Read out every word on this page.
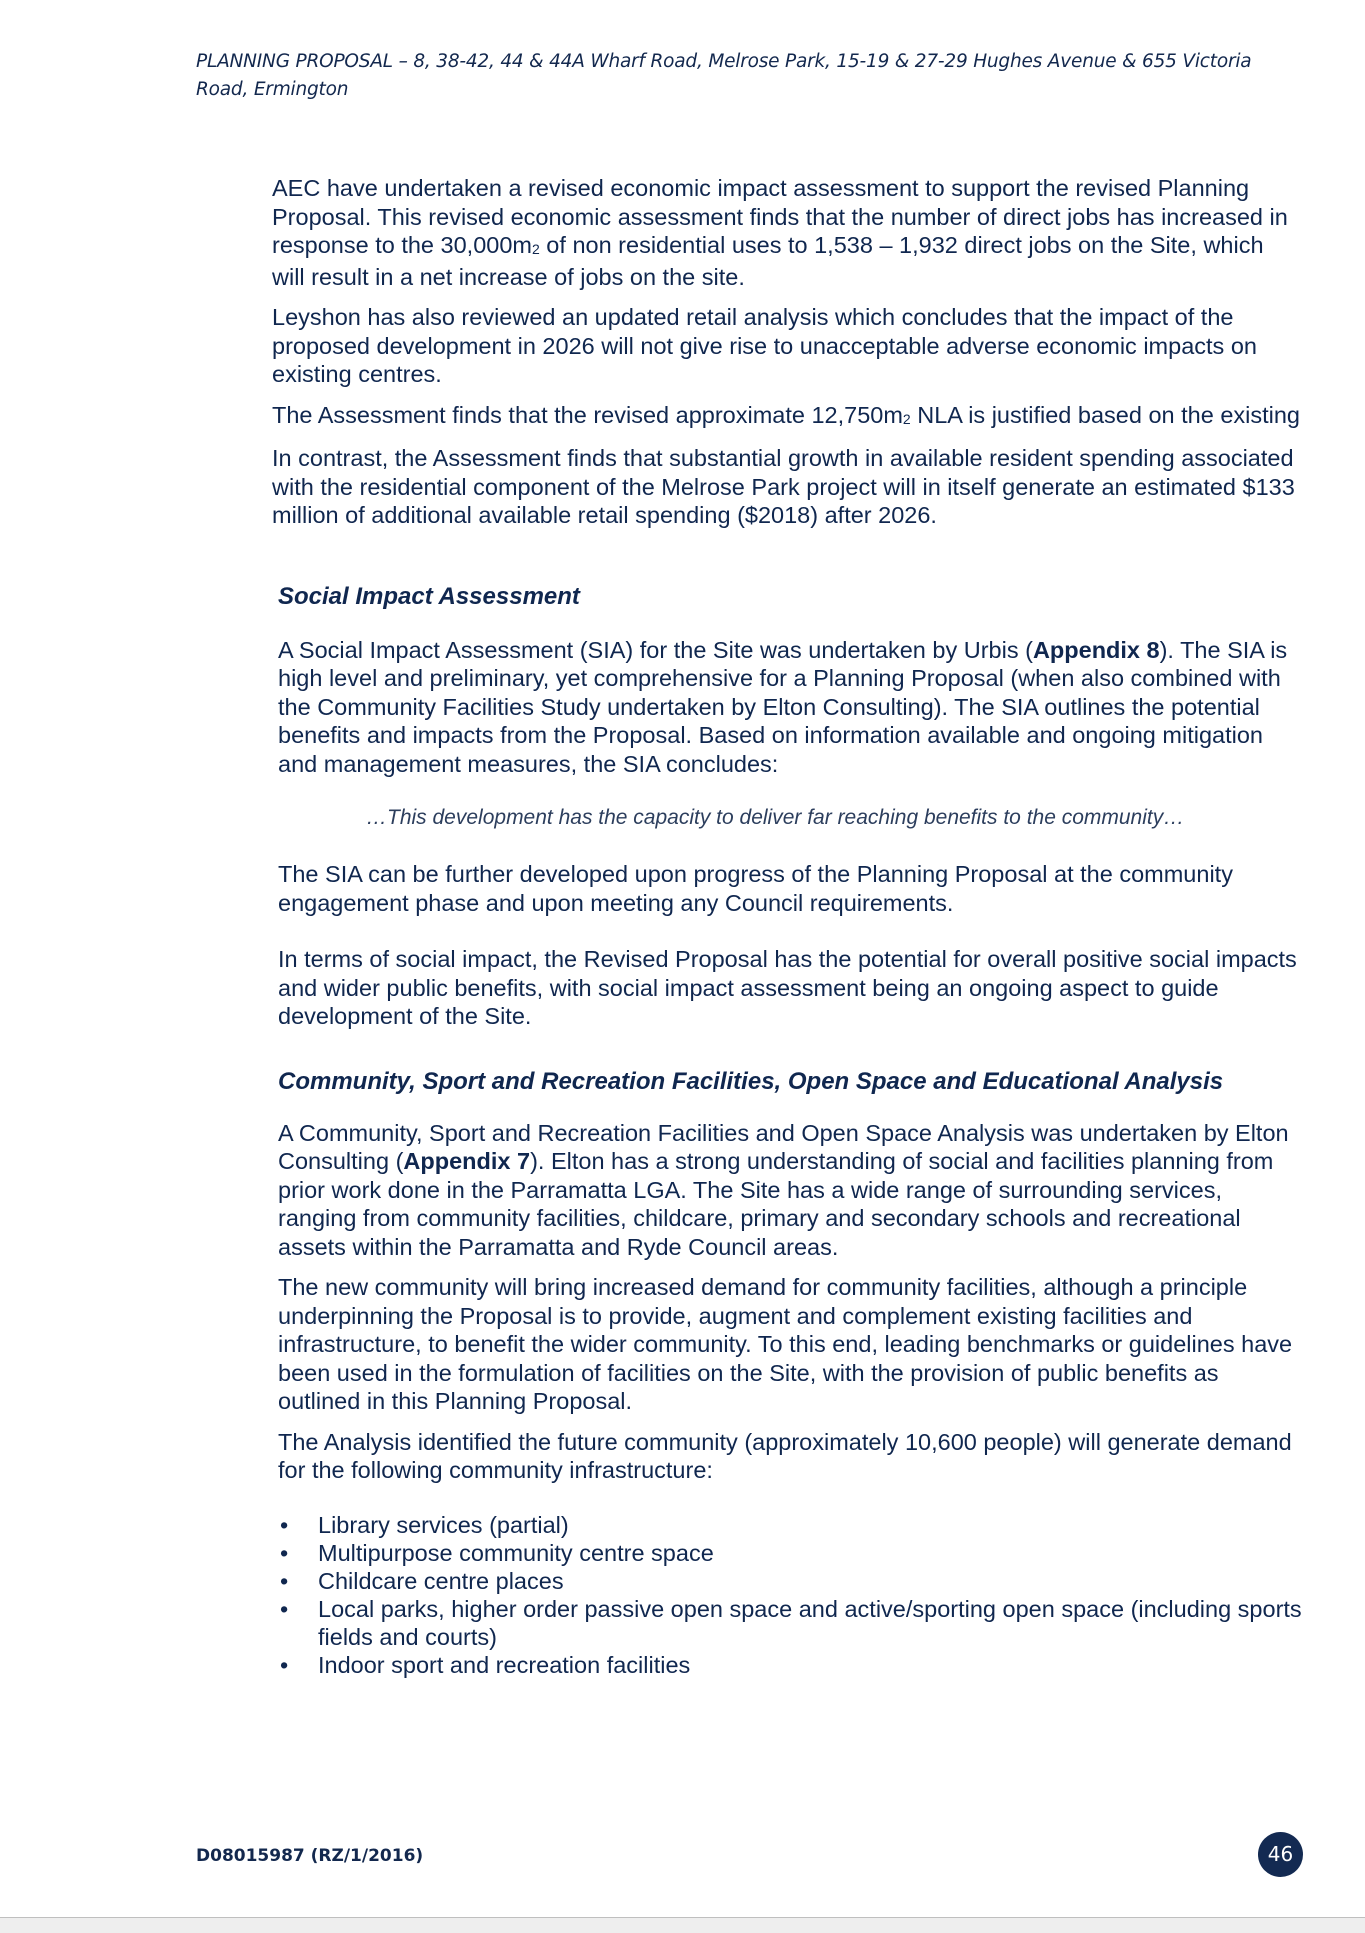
PLANNING PROPOSAL – 8, 38-42, 44 & 44A Wharf Road, Melrose Park, 15-19 & 27-29 Hughes Avenue & 655 Victoria Road, Ermington

AEC have undertaken a revised economic impact assessment to support the revised Planning Proposal. This revised economic assessment finds that the number of direct jobs has increased in response to the $30,000m^2$ of non residential uses to 1,538 – 1,932 direct jobs on the Site, which will result in a net increase of jobs on the site.

Leyshon has also reviewed an updated retail analysis which concludes that the impact of the proposed development in 2026 will not give rise to unacceptable adverse economic impacts on existing centres.

The Assessment finds that the revised approximate $12,750m^2$ NLA is justified based on the existing

In contrast, the Assessment finds that substantial growth in available resident spending associated with the residential component of the Melrose Park project will in itself generate an estimated $133 million of additional available retail spending ($2018) after 2026.

Social Impact Assessment

A Social Impact Assessment (SIA) for the Site was undertaken by Urbis (Appendix 8). The SIA is high level and preliminary, yet comprehensive for a Planning Proposal (when also combined with the Community Facilities Study undertaken by Elton Consulting). The SIA outlines the potential benefits and impacts from the Proposal. Based on information available and ongoing mitigation and management measures, the SIA concludes:

…This development has the capacity to deliver far reaching benefits to the community…

The SIA can be further developed upon progress of the Planning Proposal at the community engagement phase and upon meeting any Council requirements.

In terms of social impact, the Revised Proposal has the potential for overall positive social impacts and wider public benefits, with social impact assessment being an ongoing aspect to guide development of the Site.

Community, Sport and Recreation Facilities, Open Space and Educational Analysis

A Community, Sport and Recreation Facilities and Open Space Analysis was undertaken by Elton Consulting (Appendix 7). Elton has a strong understanding of social and facilities planning from prior work done in the Parramatta LGA. The Site has a wide range of surrounding services, ranging from community facilities, childcare, primary and secondary schools and recreational assets within the Parramatta and Ryde Council areas.

The new community will bring increased demand for community facilities, although a principle underpinning the Proposal is to provide, augment and complement existing facilities and infrastructure, to benefit the wider community. To this end, leading benchmarks or guidelines have been used in the formulation of facilities on the Site, with the provision of public benefits as outlined in this Planning Proposal.

The Analysis identified the future community (approximately 10,600 people) will generate demand for the following community infrastructure:

• Library services (partial)
• Multipurpose community centre space
• Childcare centre places
• Local parks, higher order passive open space and active/sporting open space (including sports fields and courts)
• Indoor sport and recreation facilities
D08015987 (RZ/1/2016)	46
